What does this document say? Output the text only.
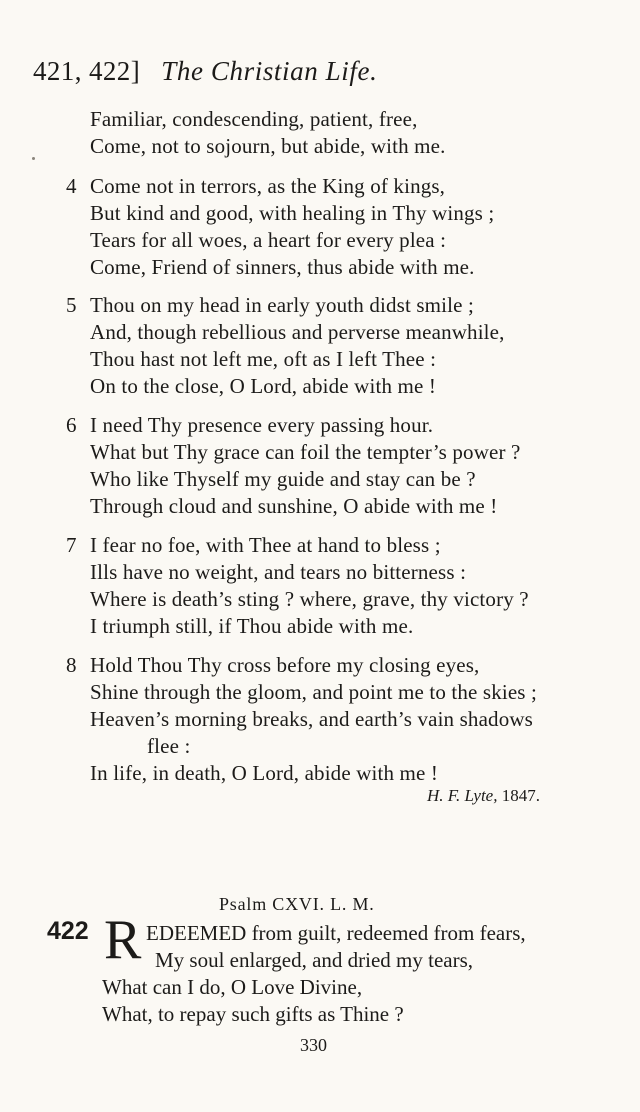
421, 422] The Christian Life.
Familiar, condescending, patient, free,
Come, not to sojourn, but abide, with me.
4 Come not in terrors, as the King of kings,
But kind and good, with healing in Thy wings ;
Tears for all woes, a heart for every plea :
Come, Friend of sinners, thus abide with me.
5 Thou on my head in early youth didst smile ;
And, though rebellious and perverse meanwhile,
Thou hast not left me, oft as I left Thee :
On to the close, O Lord, abide with me !
6 I need Thy presence every passing hour.
What but Thy grace can foil the tempter’s power ?
Who like Thyself my guide and stay can be ?
Through cloud and sunshine, O abide with me !
7 I fear no foe, with Thee at hand to bless ;
Ills have no weight, and tears no bitterness :
Where is death’s sting ? where, grave, thy victory ?
I triumph still, if Thou abide with me.
8 Hold Thou Thy cross before my closing eyes,
Shine through the gloom, and point me to the skies ;
Heaven’s morning breaks, and earth’s vain shadows
flee :
In life, in death, O Lord, abide with me !
H. F. Lyte, 1847.
Psalm CXVI. L. M.
422 R EDEEMED from guilt, redeemed from fears,
My soul enlarged, and dried my tears,
What can I do, O Love Divine,
What, to repay such gifts as Thine ?
330
